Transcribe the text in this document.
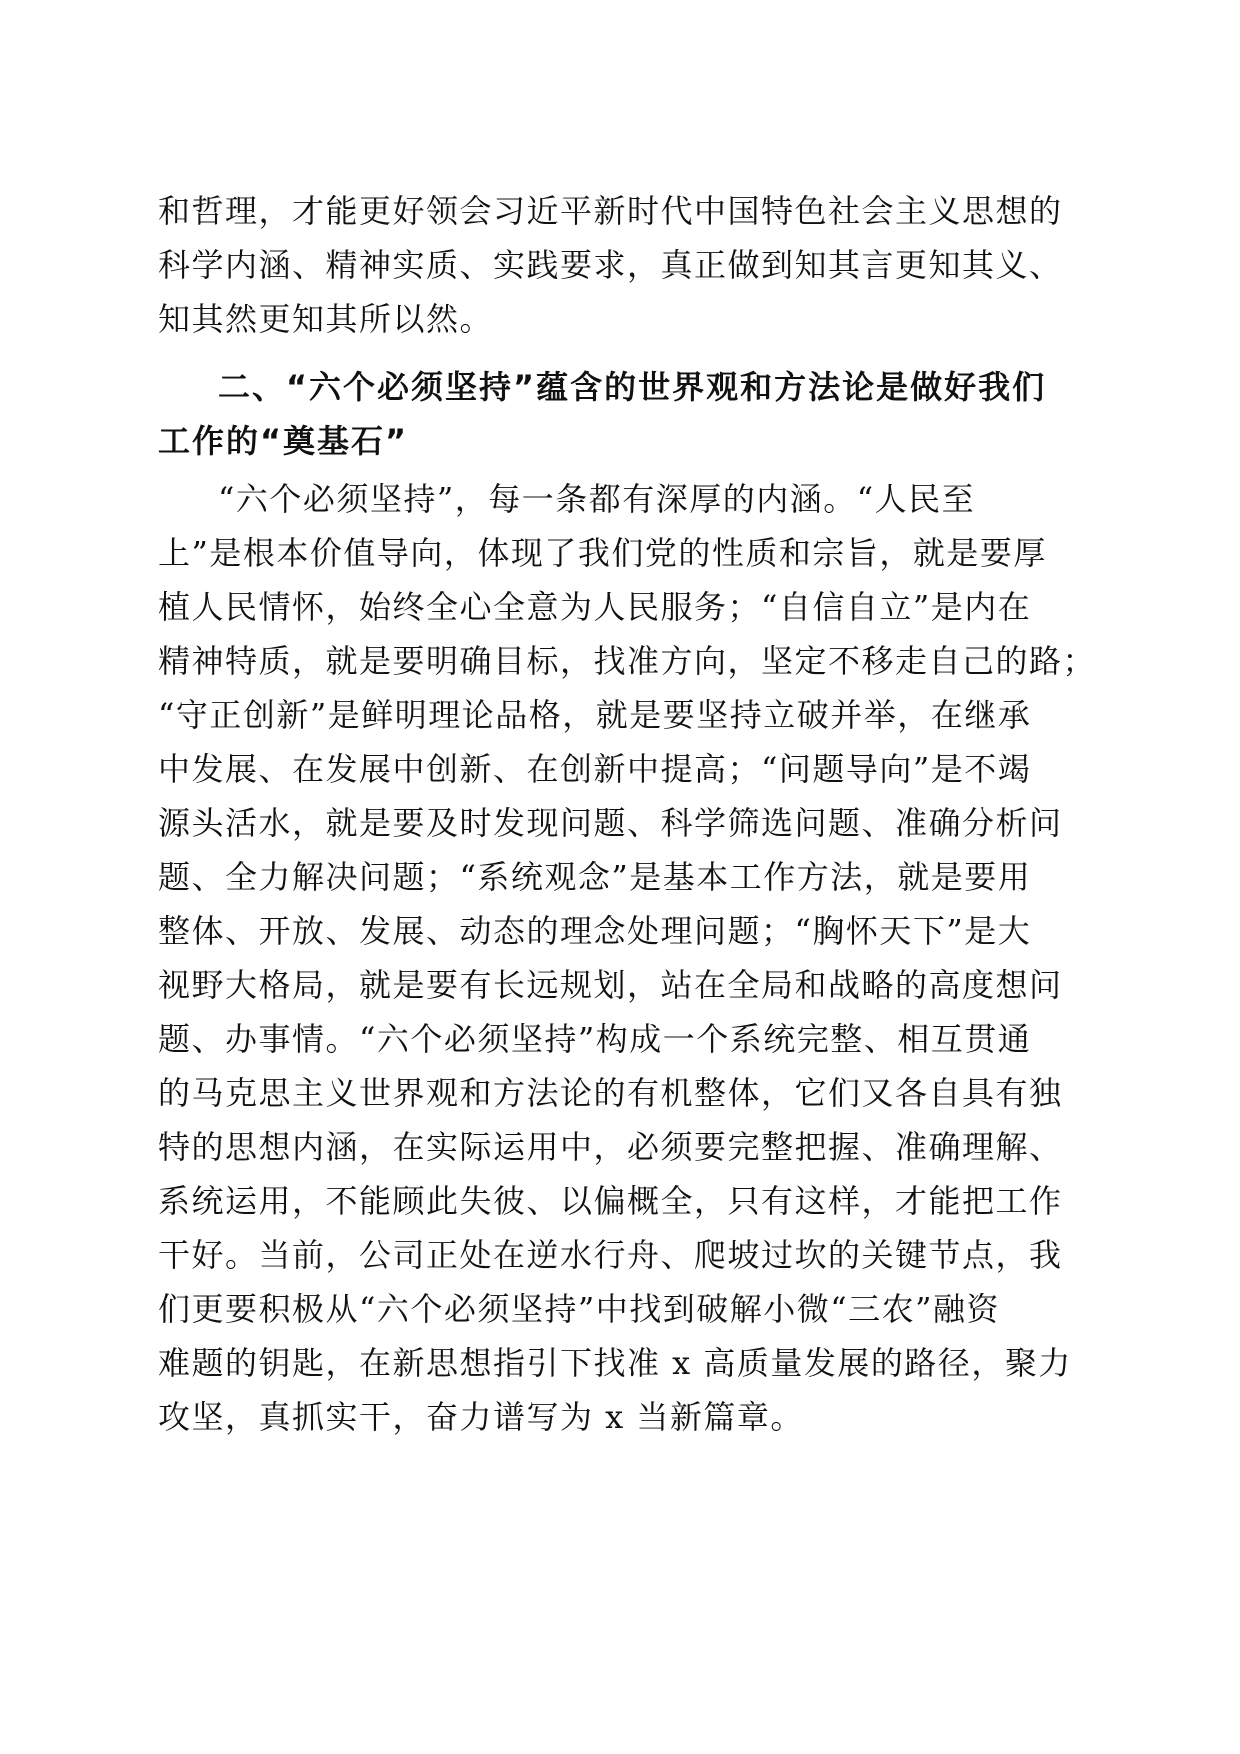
和哲理，才能更好领会习近平新时代中国特色社会主义思想的
科学内涵、精神实质、实践要求，真正做到知其言更知其义、
知其然更知其所以然。
二、“六个必须坚持”蕴含的世界观和方法论是做好我们
工作的“奠基石”
“六个必须坚持”，每一条都有深厚的内涵。“人民至
上”是根本价值导向，体现了我们党的性质和宗旨，就是要厚
植人民情怀，始终全心全意为人民服务；“自信自立”是内在
精神特质，就是要明确目标，找准方向，坚定不移走自己的路；
“守正创新”是鲜明理论品格，就是要坚持立破并举，在继承
中发展、在发展中创新、在创新中提高；“问题导向”是不竭
源头活水，就是要及时发现问题、科学筛选问题、准确分析问
题、全力解决问题；“系统观念”是基本工作方法，就是要用
整体、开放、发展、动态的理念处理问题；“胸怀天下”是大
视野大格局，就是要有长远规划，站在全局和战略的高度想问
题、办事情。“六个必须坚持”构成一个系统完整、相互贯通
的马克思主义世界观和方法论的有机整体，它们又各自具有独
特的思想内涵，在实际运用中，必须要完整把握、准确理解、
系统运用，不能顾此失彼、以偏概全，只有这样，才能把工作
干好。当前，公司正处在逆水行舟、爬坡过坎的关键节点，我
们更要积极从“六个必须坚持”中找到破解小微“三农”融资
难题的钥匙，在新思想指引下找准 x 高质量发展的路径，聚力
攻坚，真抓实干，奋力谱写为 x 当新篇章。
